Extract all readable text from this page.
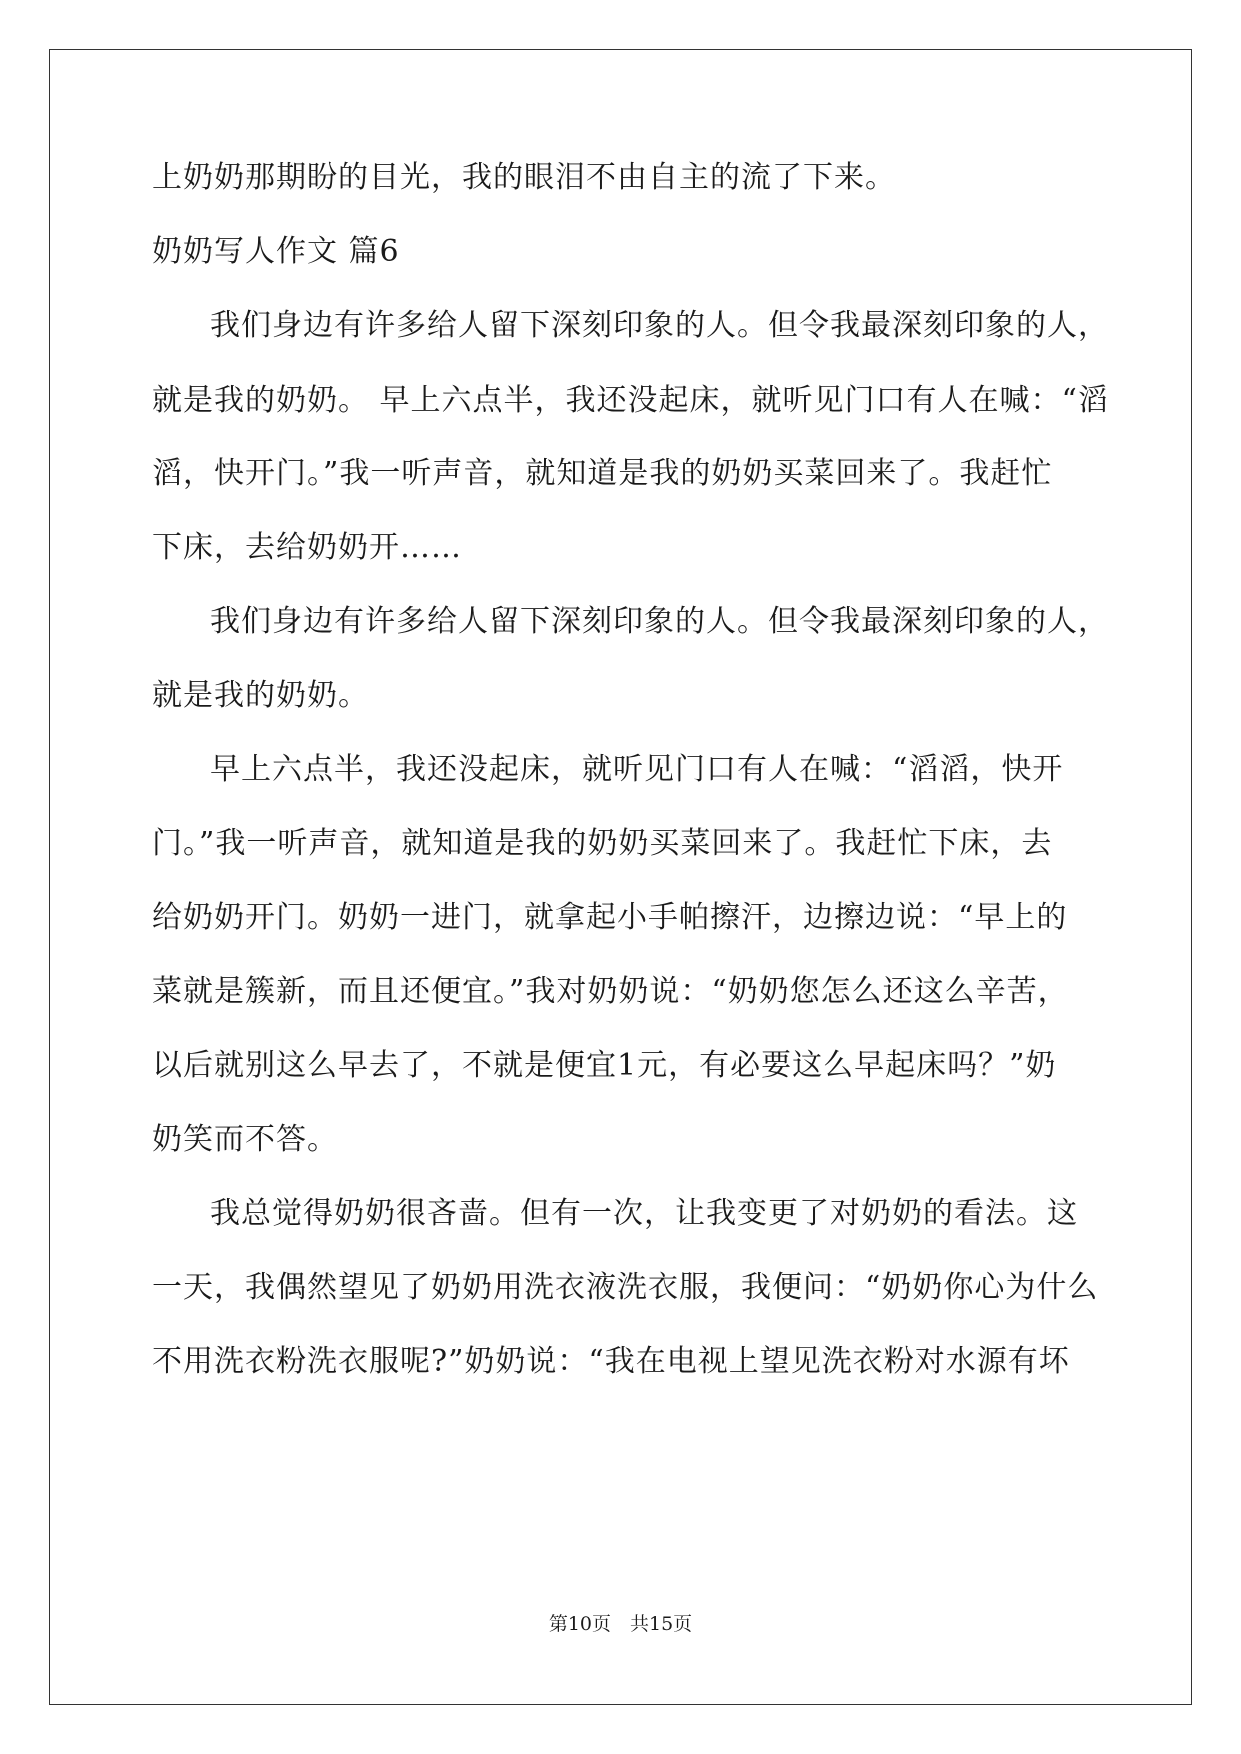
上奶奶那期盼的目光，我的眼泪不由自主的流了下来。
奶奶写人作文 篇6
我们身边有许多给人留下深刻印象的人。但令我最深刻印象的人，
就是我的奶奶。 早上六点半，我还没起床，就听见门口有人在喊：“滔
滔，快开门。”我一听声音，就知道是我的奶奶买菜回来了。我赶忙
下床，去给奶奶开……
我们身边有许多给人留下深刻印象的人。但令我最深刻印象的人，
就是我的奶奶。
早上六点半，我还没起床，就听见门口有人在喊：“滔滔，快开
门。”我一听声音，就知道是我的奶奶买菜回来了。我赶忙下床，去
给奶奶开门。奶奶一进门，就拿起小手帕擦汗，边擦边说：“早上的
菜就是簇新，而且还便宜。”我对奶奶说：“奶奶您怎么还这么辛苦，
以后就别这么早去了，不就是便宜1元，有必要这么早起床吗？”奶
奶笑而不答。
我总觉得奶奶很吝啬。但有一次，让我变更了对奶奶的看法。这
一天，我偶然望见了奶奶用洗衣液洗衣服，我便问：“奶奶你心为什么
不用洗衣粉洗衣服呢?”奶奶说：“我在电视上望见洗衣粉对水源有坏
第10页　共15页
